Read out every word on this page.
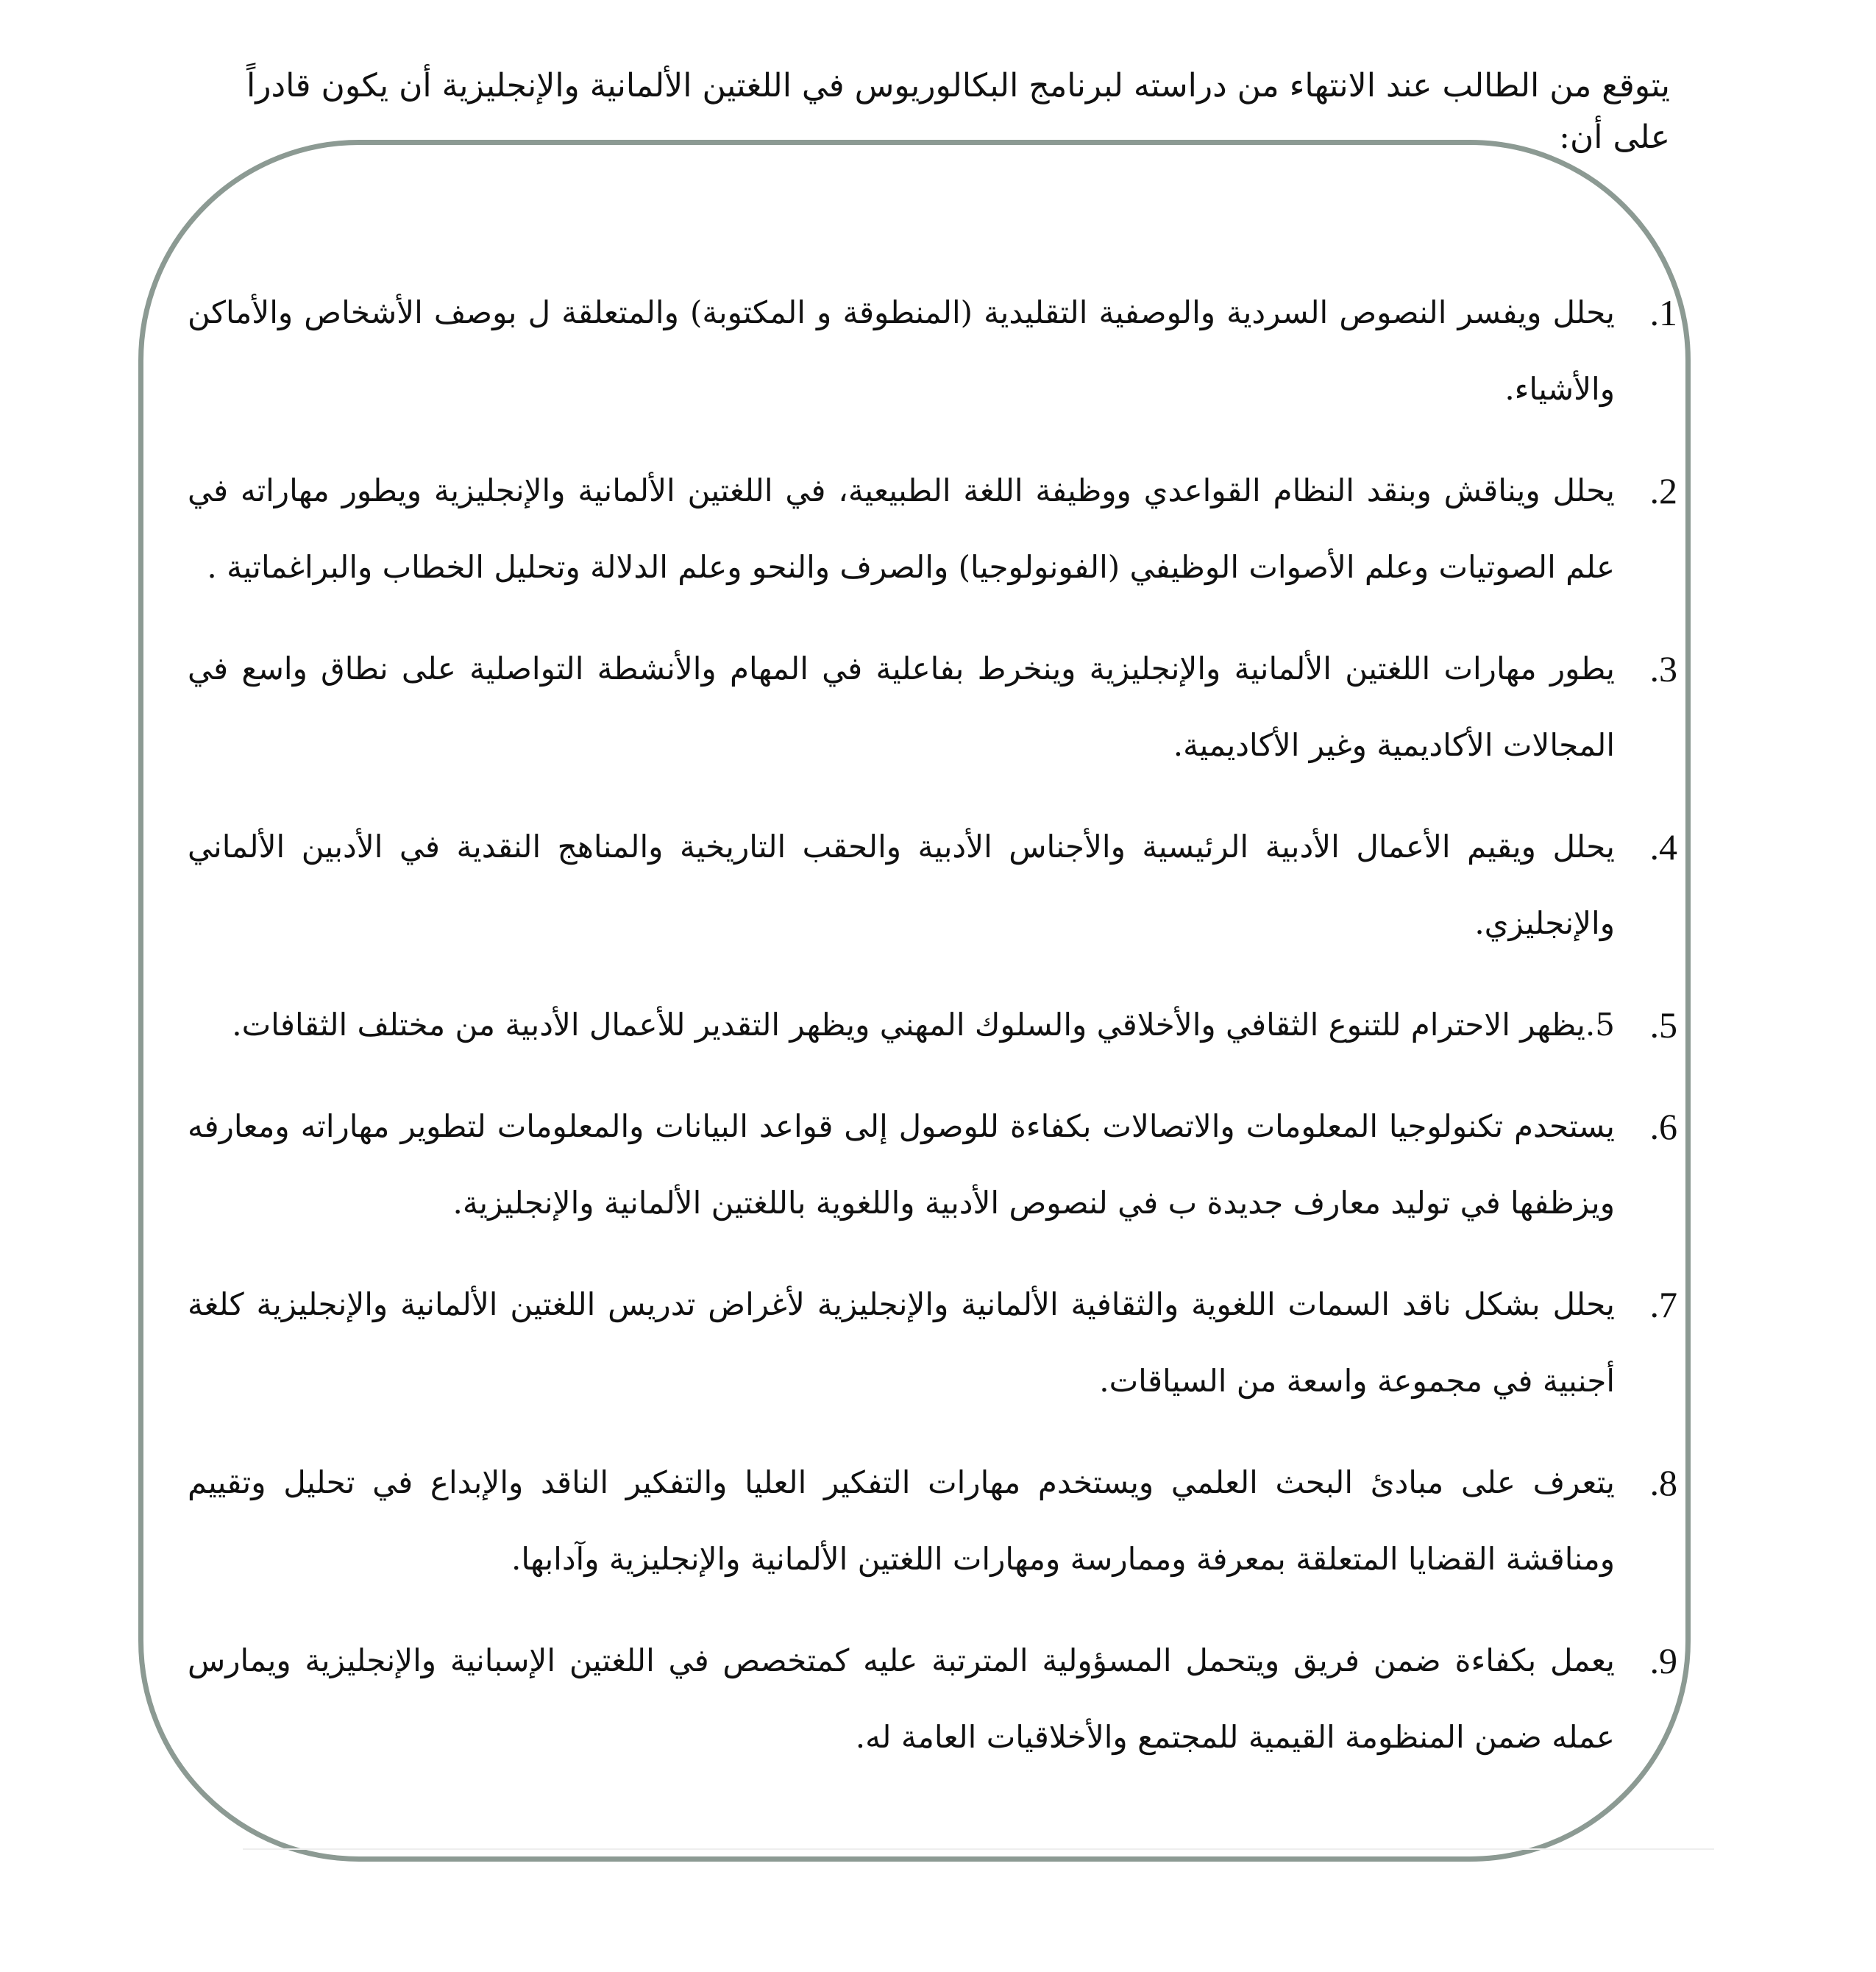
يتوقع من الطالب عند الانتهاء من دراسته لبرنامج البكالوريوس في اللغتين الألمانية والإنجليزية أن يكون قادراً على أن:

1.
يحلل ويفسر النصوص السردية والوصفية التقليدية (المنطوقة و المكتوبة) والمتعلقة ل بوصف الأشخاص والأماكن والأشياء.
2.
يحلل ويناقش وبنقد النظام القواعدي ووظيفة اللغة الطبيعية، في اللغتين الألمانية والإنجليزية ويطور مهاراته في علم الصوتيات وعلم الأصوات الوظيفي (الفونولوجيا) والصرف والنحو وعلم الدلالة وتحليل الخطاب والبراغماتية .
3.
يطور مهارات اللغتين الألمانية والإنجليزية وينخرط بفاعلية في المهام والأنشطة التواصلية على نطاق واسع في المجالات الأكاديمية وغير الأكاديمية.
4.
يحلل ويقيم الأعمال الأدبية الرئيسية والأجناس الأدبية والحقب التاريخية والمناهج النقدية في الأدبين الألماني والإنجليزي.
5.
5.يظهر الاحترام للتنوع الثقافي والأخلاقي والسلوك المهني ويظهر التقدير للأعمال الأدبية من مختلف الثقافات.
6.
يستحدم تكنولوجيا المعلومات والاتصالات بكفاءة للوصول إلى قواعد البيانات والمعلومات لتطوير مهاراته ومعارفه ويزظفها في توليد معارف جديدة ب في لنصوص الأدبية واللغوية باللغتين الألمانية والإنجليزية.
7.
يحلل بشكل ناقد السمات اللغوية والثقافية الألمانية والإنجليزية لأغراض تدريس اللغتين الألمانية والإنجليزية كلغة أجنبية في مجموعة واسعة من السياقات.
8.
يتعرف على مبادئ البحث العلمي ويستخدم مهارات التفكير العليا والتفكير الناقد والإبداع في تحليل وتقييم ومناقشة القضايا المتعلقة بمعرفة وممارسة ومهارات اللغتين الألمانية والإنجليزية وآدابها.
9.
يعمل بكفاءة ضمن فريق ويتحمل المسؤولية المترتبة عليه كمتخصص في اللغتين الإسبانية والإنجليزية ويمارس عمله ضمن المنظومة القيمية للمجتمع والأخلاقيات العامة له.
